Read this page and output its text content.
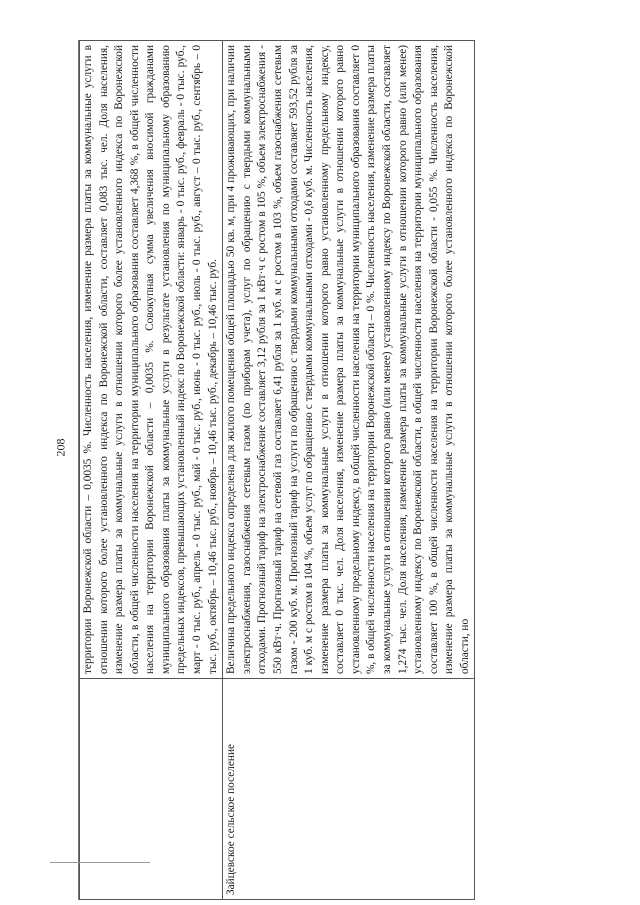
208
	территории Воронежской области – 0,0035 %. Численность населения, изменение размера платы за коммунальные услуги в отношении которого более установленного индекса по Воронежской области, составляет 0,083 тыс. чел. Доля населения, изменение размера платы за коммунальные услуги в отношении которого более установленного индекса по Воронежской области, в общей численности населения на территории муниципального образования составляет 4,368 %, в общей численности населения на территории Воронежской области – 0,0035 %. Совокупная сумма увеличения вносимой гражданами муниципального образования платы за коммунальные услуги в результате установления по муниципальному образованию предельных индексов, превышающих установленный индекс по Воронежской области: январь - 0 тыс. руб., февраль - 0 тыс. руб., март - 0 тыс. руб., апрель - 0 тыс. руб., май - 0 тыс. руб., июнь - 0 тыс. руб., июль - 0 тыс. руб., август – 0 тыс. руб., сентябрь – 0 тыс. руб., октябрь – 10,46 тыс. руб., ноябрь – 10,46 тыс. руб., декабрь – 10,46 тыс. руб.
Зайцевское сельское поселение	Величина предельного индекса определена для жилого помещения общей площадью 50 кв. м, при 4 проживающих, при наличии электроснабжения, газоснабжения сетевым газом (по приборам учета), услуг по обращению с твердыми коммунальными отходами. Прогнозный тариф на электроснабжение составляет 3,12 рубля за 1 кВт·ч с ростом в 105 %, объем электроснабжения - 550 кВт·ч. Прогнозный тариф на сетевой газ составляет 6,41 рубля за 1 куб. м с ростом в 103 %, объем газоснабжения сетевым газом - 200 куб. м. Прогнозный тариф на услуги по обращению с твердыми коммунальными отходами составляет 593,52 рубля за 1 куб. м с ростом в 104 %, объем услуг по обращению с твердыми коммунальными отходами - 0,6 куб. м. Численность населения, изменение размера платы за коммунальные услуги в отношении которого равно установленному предельному индексу, составляет 0 тыс. чел. Доля населения, изменение размера платы за коммунальные услуги в отношении которого равно установленному предельному индексу, в общей численности населения на территории муниципального образования составляет 0 %, в общей численности населения на территории Воронежской области – 0 %. Численность населения, изменение размера платы за коммунальные услуги в отношении которого равно (или менее) установленному индексу по Воронежской области, составляет 1,274 тыс. чел. Доля населения, изменение размера платы за коммунальные услуги в отношении которого равно (или менее) установленному индексу по Воронежской области, в общей численности населения на территории муниципального образования составляет 100 %, в общей численности населения на территории Воронежской области - 0,055 %. Численность населения, изменение размера платы за коммунальные услуги в отношении которого более установленного индекса по Воронежской области, но
